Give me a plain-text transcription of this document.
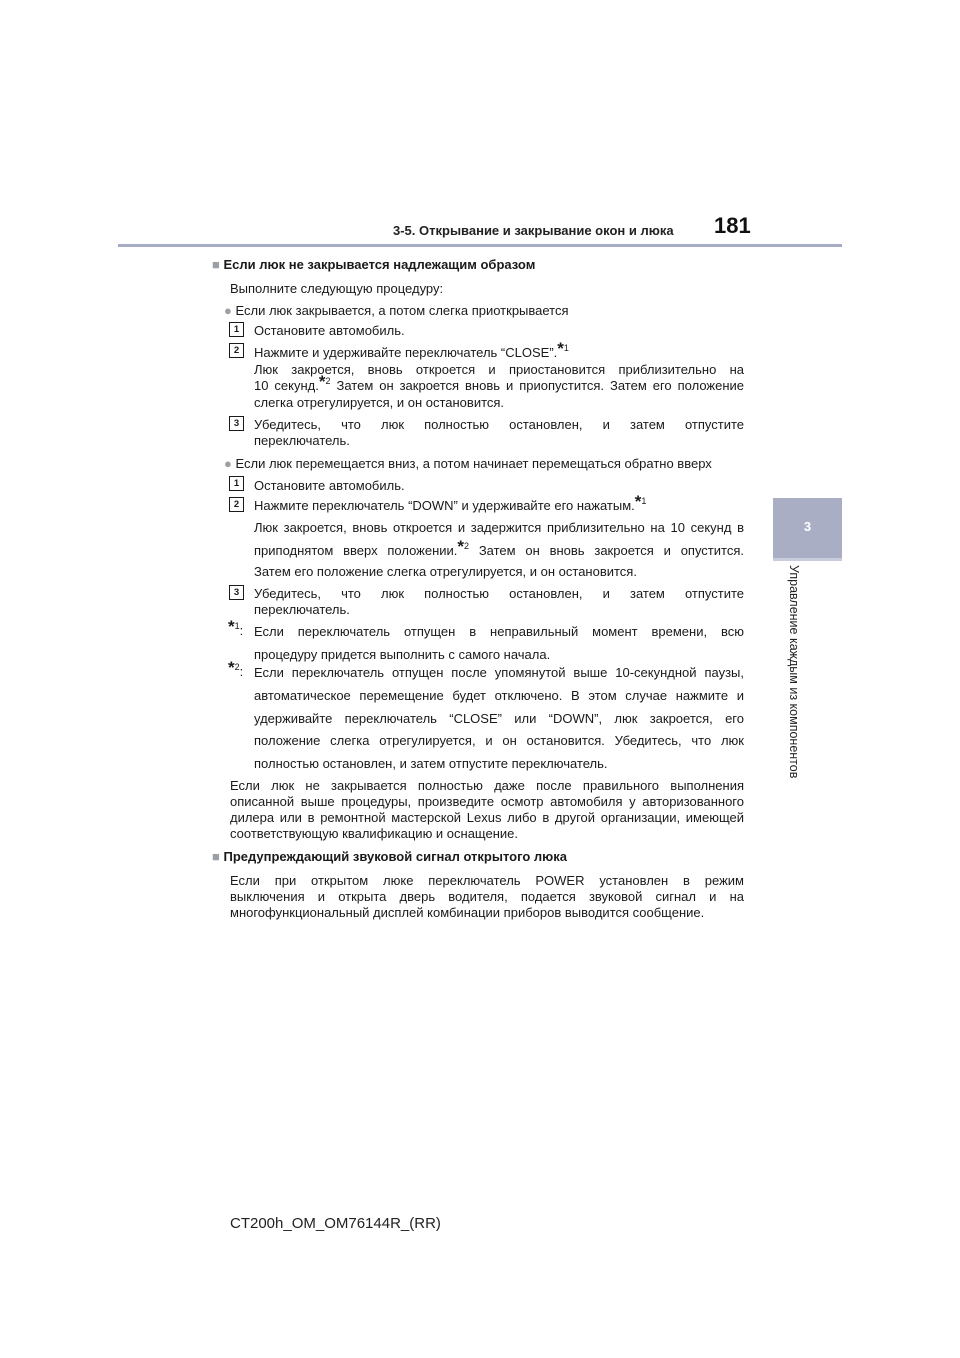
3-5. Открывание и закрывание окон и люка 181
3
Управление каждым из компонентов
■ Если люк не закрывается надлежащим образом
Выполните следующую процедуру:
● Если люк закрывается, а потом слегка приоткрывается
1 Остановите автомобиль.
2 Нажмите и удерживайте переключатель “CLOSE”.*$^1$
Люк закроется, вновь откроется и приостановится приблизительно на
10 секунд.*$^2$ Затем он закроется вновь и приопустится. Затем его положение
слегка отрегулируется, и он остановится.
3 Убедитесь, что люк полностью остановлен, и затем отпустите
переключатель.
● Если люк перемещается вниз, а потом начинает перемещаться обратно вверх
1 Остановите автомобиль.
2 Нажмите переключатель “DOWN” и удерживайте его нажатым.*$^1$
Люк закроется, вновь откроется и задержится приблизительно на 10 секунд в
приподнятом вверх положении.*$^2$ Затем он вновь закроется и опустится.
Затем его положение слегка отрегулируется, и он остановится.
3 Убедитесь, что люк полностью остановлен, и затем отпустите
переключатель.
*$^1$: Если переключатель отпущен в неправильный момент времени, всю
процедуру придется выполнить с самого начала.
*$^2$: Если переключатель отпущен после упомянутой выше 10-секундной паузы,
автоматическое перемещение будет отключено. В этом случае нажмите и
удерживайте переключатель “CLOSE” или “DOWN”, люк закроется, его
положение слегка отрегулируется, и он остановится. Убедитесь, что люк
полностью остановлен, и затем отпустите переключатель.
Если люк не закрывается полностью даже после правильного выполнения
описанной выше процедуры, произведите осмотр автомобиля у авторизованного
дилера или в ремонтной мастерской Lexus либо в другой организации, имеющей
соответствующую квалификацию и оснащение.
■ Предупреждающий звуковой сигнал открытого люка
Если при открытом люке переключатель POWER установлен в режим
выключения и открыта дверь водителя, подается звуковой сигнал и на
многофункциональный дисплей комбинации приборов выводится сообщение.
CT200h_OM_OM76144R_(RR)
